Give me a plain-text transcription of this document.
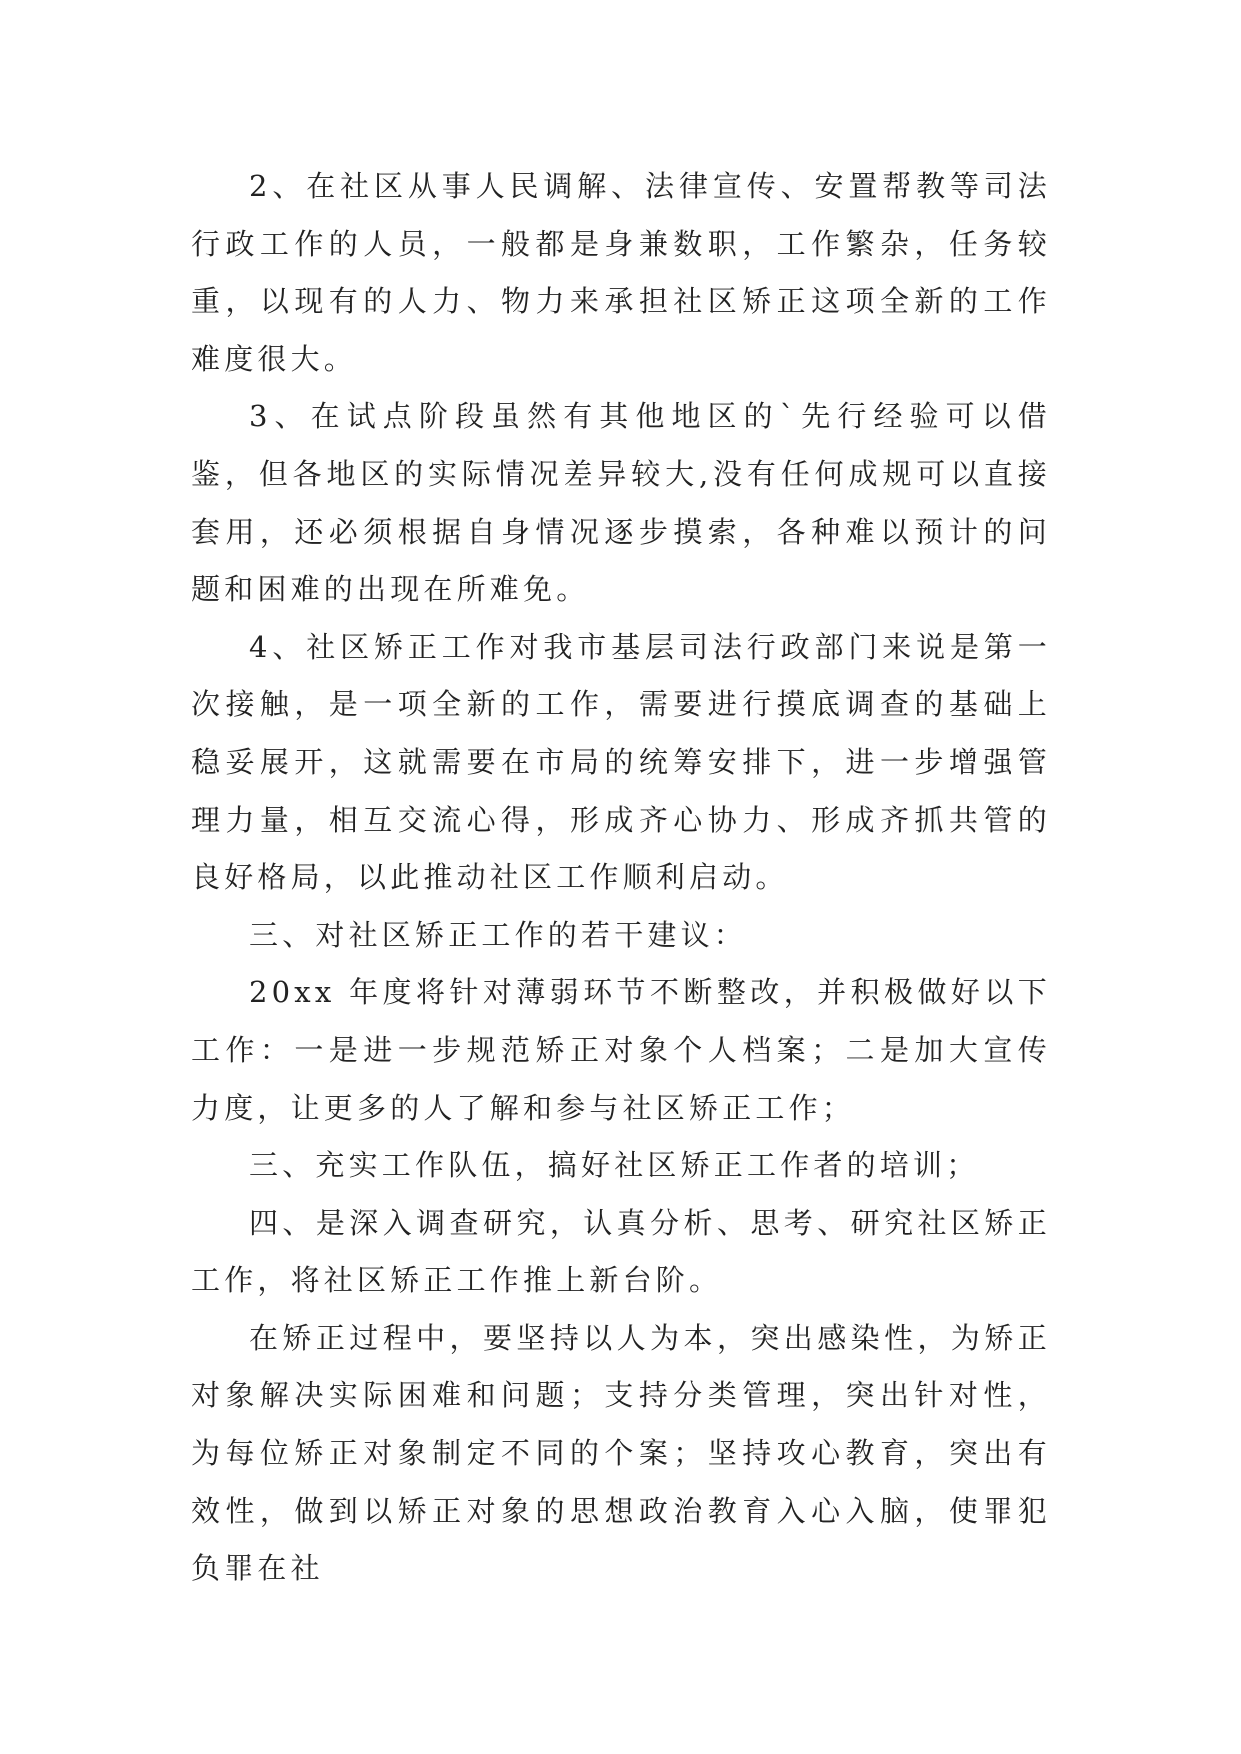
2、在社区从事人民调解、法律宣传、安置帮教等司法行政工作的人员，一般都是身兼数职，工作繁杂，任务较重，以现有的人力、物力来承担社区矫正这项全新的工作难度很大。

3、在试点阶段虽然有其他地区的`先行经验可以借鉴，但各地区的实际情况差异较大,没有任何成规可以直接套用，还必须根据自身情况逐步摸索，各种难以预计的问题和困难的出现在所难免。

4、社区矫正工作对我市基层司法行政部门来说是第一次接触，是一项全新的工作，需要进行摸底调查的基础上稳妥展开，这就需要在市局的统筹安排下，进一步增强管理力量，相互交流心得，形成齐心协力、形成齐抓共管的良好格局，以此推动社区工作顺利启动。

三、对社区矫正工作的若干建议：

20xx 年度将针对薄弱环节不断整改，并积极做好以下工作：一是进一步规范矫正对象个人档案；二是加大宣传力度，让更多的人了解和参与社区矫正工作；

三、充实工作队伍，搞好社区矫正工作者的培训；

四、是深入调查研究，认真分析、思考、研究社区矫正工作，将社区矫正工作推上新台阶。

在矫正过程中，要坚持以人为本，突出感染性，为矫正对象解决实际困难和问题；支持分类管理，突出针对性，为每位矫正对象制定不同的个案；坚持攻心教育，突出有效性，做到以矫正对象的思想政治教育入心入脑，使罪犯负罪在社
